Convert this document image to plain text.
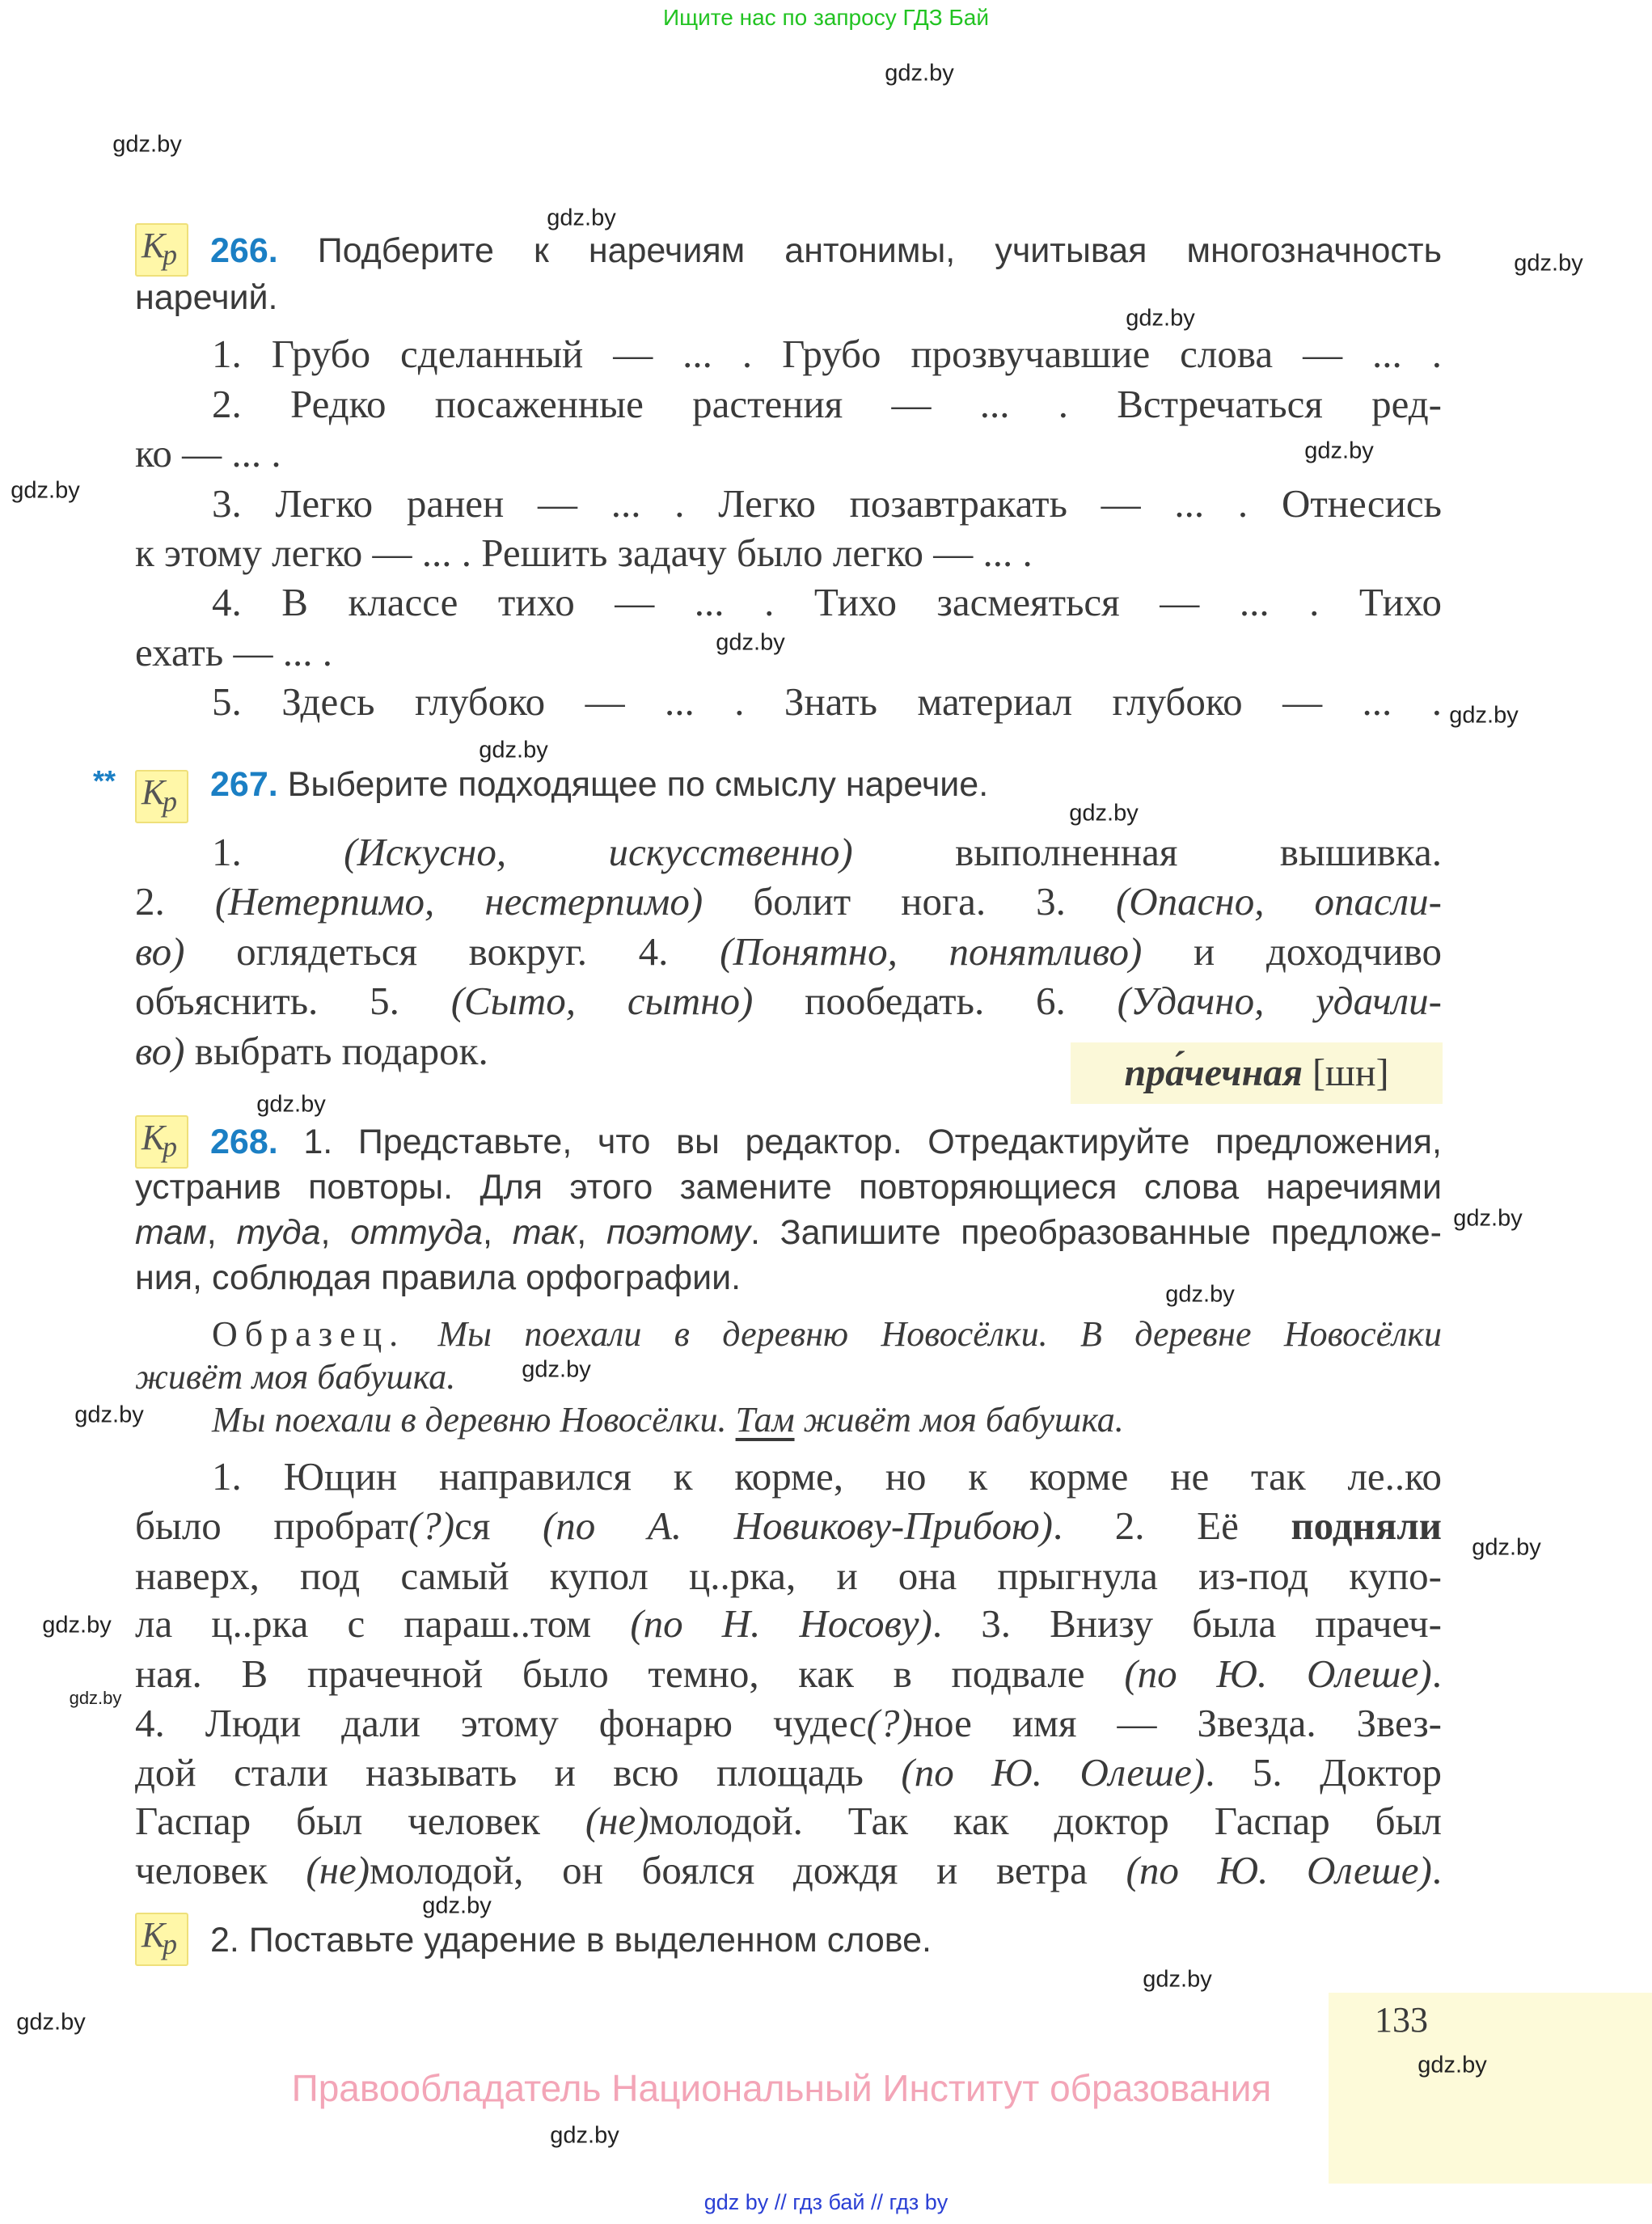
Ищите нас по запросу ГДЗ Бай
К
р
К
р
К
р
К
р
**
266. Подберите к наречиям антонимы, учитывая многозначность
наречий.
1. Грубо сделанный — ... . Грубо прозвучавшие слова — ... .
2. Редко посаженные растения — ... . Встречаться ред-
ко — ... .
3. Легко ранен — ... . Легко позавтракать — ... . Отнесись
к этому легко — ... . Решить задачу было легко — ... .
4. В классе тихо — ... . Тихо засмеяться — ... . Тихо
ехать — ... .
5. Здесь глубоко — ... . Знать материал глубоко — ... .
267. Выберите подходящее по смыслу наречие.
1. (Искусно, искусственно) выполненная вышивка.
2. (Нетерпимо, нестерпимо) болит нога. 3. (Опасно, опасли-
во) оглядеться вокруг. 4. (Понятно, понятливо) и доходчиво
объяснить. 5. (Сыто, сытно) пообедать. 6. (Удачно, удачли-
во) выбрать подарок.
268. 1. Представьте, что вы редактор. Отредактируйте предложения,
устранив повторы. Для этого замените повторяющиеся слова наречиями
там, туда, оттуда, так, поэтому. Запишите преобразованные предложе-
ния, соблюдая правила орфографии.
Образец. Мы поехали в деревню Новосёлки. В деревне Новосёлки
живёт моя бабушка.
Мы поехали в деревню Новосёлки. Там живёт моя бабушка.
1. Ющин направился к корме, но к корме не так ле..ко
было пробрат(?)ся (по А. Новикову-Прибою). 2. Её подняли
наверх, под самый купол ц..рка, и она прыгнула из-под купо-
ла ц..рка с параш..том (по Н. Носову). 3. Внизу была прачеч-
ная. В прачечной было темно, как в подвале (по Ю. Олеше).
4. Люди дали этому фонарю чудес(?)ное имя — Звезда. Звез-
дой стали называть и всю площадь (по Ю. Олеше). 5. Доктор
Гаспар был человек (не)молодой. Так как доктор Гаспар был
человек (не)молодой, он боялся дождя и ветра (по Ю. Олеше).
2. Поставьте ударение в выделенном слове.
пра́чечная [шн]
133
Правообладатель Национальный Институт образования
gdz by // гдз бай // гдз by
gdz.by
gdz.by
gdz.by
gdz.by
gdz.by
gdz.by
gdz.by
gdz.by
gdz.by
gdz.by
gdz.by
gdz.by
gdz.by
gdz.by
gdz.by
gdz.by
gdz.by
gdz.by
gdz.by
gdz.by
gdz.by
gdz.by
gdz.by
gdz.by
